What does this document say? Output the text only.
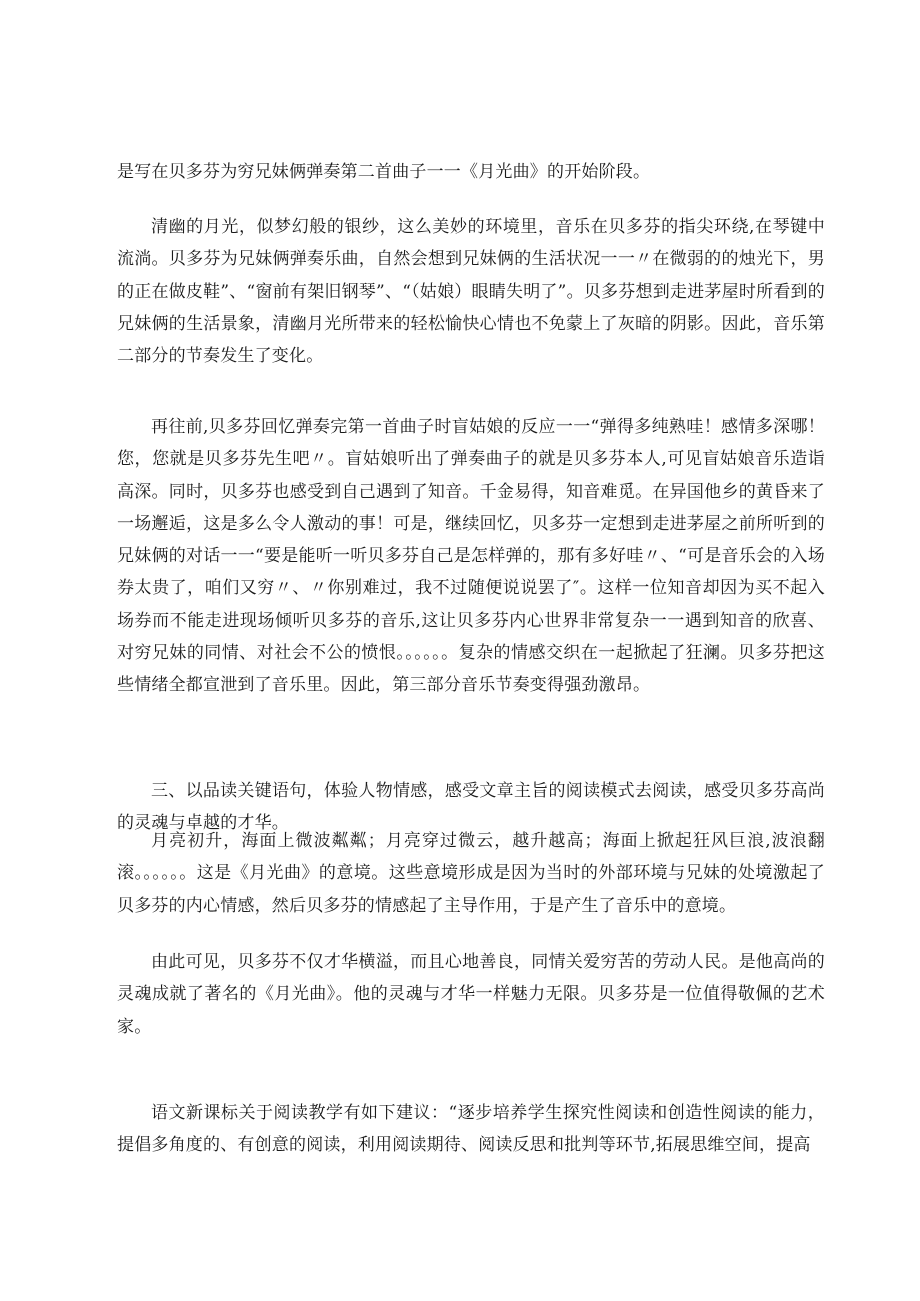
是写在贝多芬为穷兄妹俩弹奏第二首曲子一一《月光曲》的开始阶段。

清幽的月光，似梦幻般的银纱，这么美妙的环境里，音乐在贝多芬的指尖环绕,在琴键中流淌。贝多芬为兄妹俩弹奏乐曲，自然会想到兄妹俩的生活状况一一〃在微弱的的烛光下，男的正在做皮鞋”、“窗前有架旧钢琴”、“（姑娘）眼睛失明了”。贝多芬想到走进茅屋时所看到的兄妹俩的生活景象，清幽月光所带来的轻松愉快心情也不免蒙上了灰暗的阴影。因此，音乐第二部分的节奏发生了变化。

再往前,贝多芬回忆弹奏完第一首曲子时盲姑娘的反应一一“弹得多纯熟哇！感情多深哪！您，您就是贝多芬先生吧〃。盲姑娘听出了弹奏曲子的就是贝多芬本人,可见盲姑娘音乐造诣高深。同时，贝多芬也感受到自己遇到了知音。千金易得，知音难觅。在异国他乡的黄昏来了一场邂逅，这是多么令人激动的事！可是，继续回忆，贝多芬一定想到走进茅屋之前所听到的兄妹俩的对话一一“要是能听一听贝多芬自己是怎样弹的，那有多好哇〃、“可是音乐会的入场券太贵了，咱们又穷〃、〃你别难过，我不过随便说说罢了″。这样一位知音却因为买不起入场券而不能走进现场倾听贝多芬的音乐,这让贝多芬内心世界非常复杂一一遇到知音的欣喜、对穷兄妹的同情、对社会不公的愤恨。。。。。。复杂的情感交织在一起掀起了狂澜。贝多芬把这些情绪全都宣泄到了音乐里。因此，第三部分音乐节奏变得强劲激昂。

三、以品读关键语句，体验人物情感，感受文章主旨的阅读模式去阅读，感受贝多芬高尚的灵魂与卓越的才华。

月亮初升，海面上微波粼粼；月亮穿过微云，越升越高；海面上掀起狂风巨浪,波浪翻滚。。。。。。这是《月光曲》的意境。这些意境形成是因为当时的外部环境与兄妹的处境激起了贝多芬的内心情感，然后贝多芬的情感起了主导作用，于是产生了音乐中的意境。

由此可见，贝多芬不仅才华横溢，而且心地善良，同情关爱穷苦的劳动人民。是他高尚的灵魂成就了著名的《月光曲》。他的灵魂与才华一样魅力无限。贝多芬是一位值得敬佩的艺术家。

语文新课标关于阅读教学有如下建议：“逐步培养学生探究性阅读和创造性阅读的能力，提倡多角度的、有创意的阅读，利用阅读期待、阅读反思和批判等环节,拓展思维空间，提高
